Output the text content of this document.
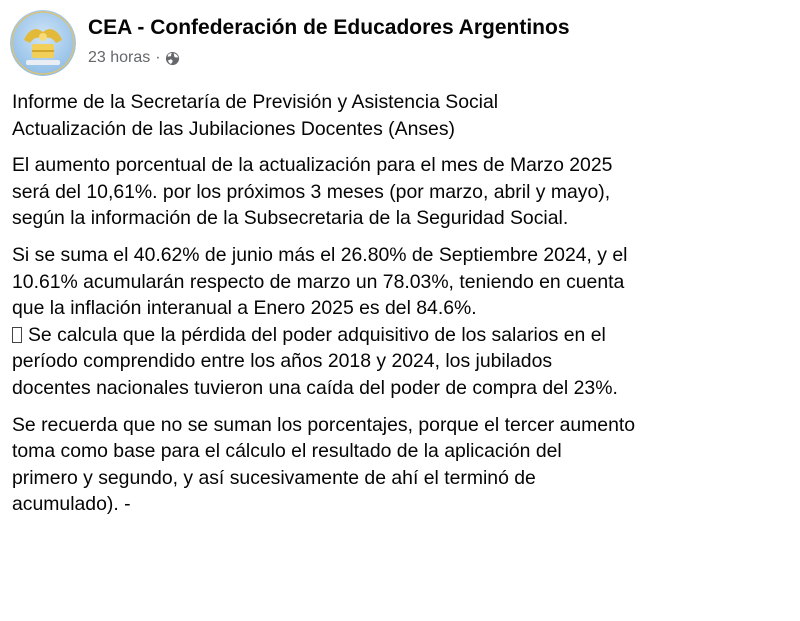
CEA - Confederación de Educadores Argentinos
23 horas ·

Informe de la Secretaría de Previsión y Asistencia Social
Actualización de las Jubilaciones Docentes (Anses)

El aumento porcentual de la actualización para el mes de Marzo 2025
será del 10,61%. por los próximos 3 meses (por marzo, abril y mayo),
según la información de la Subsecretaria de la Seguridad Social.

Si se suma el 40.62% de junio más el 26.80% de Septiembre 2024, y el
10.61% acumularán respecto de marzo un 78.03%, teniendo en cuenta
que la inflación interanual a Enero 2025 es del 84.6%.

Se calcula que la pérdida del poder adquisitivo de los salarios en el
período comprendido entre los años 2018 y 2024, los jubilados
docentes nacionales tuvieron una caída del poder de compra del 23%.

Se recuerda que no se suman los porcentajes, porque el tercer aumento
toma como base para el cálculo el resultado de la aplicación del
primero y segundo, y así sucesivamente de ahí el terminó de
acumulado). -
